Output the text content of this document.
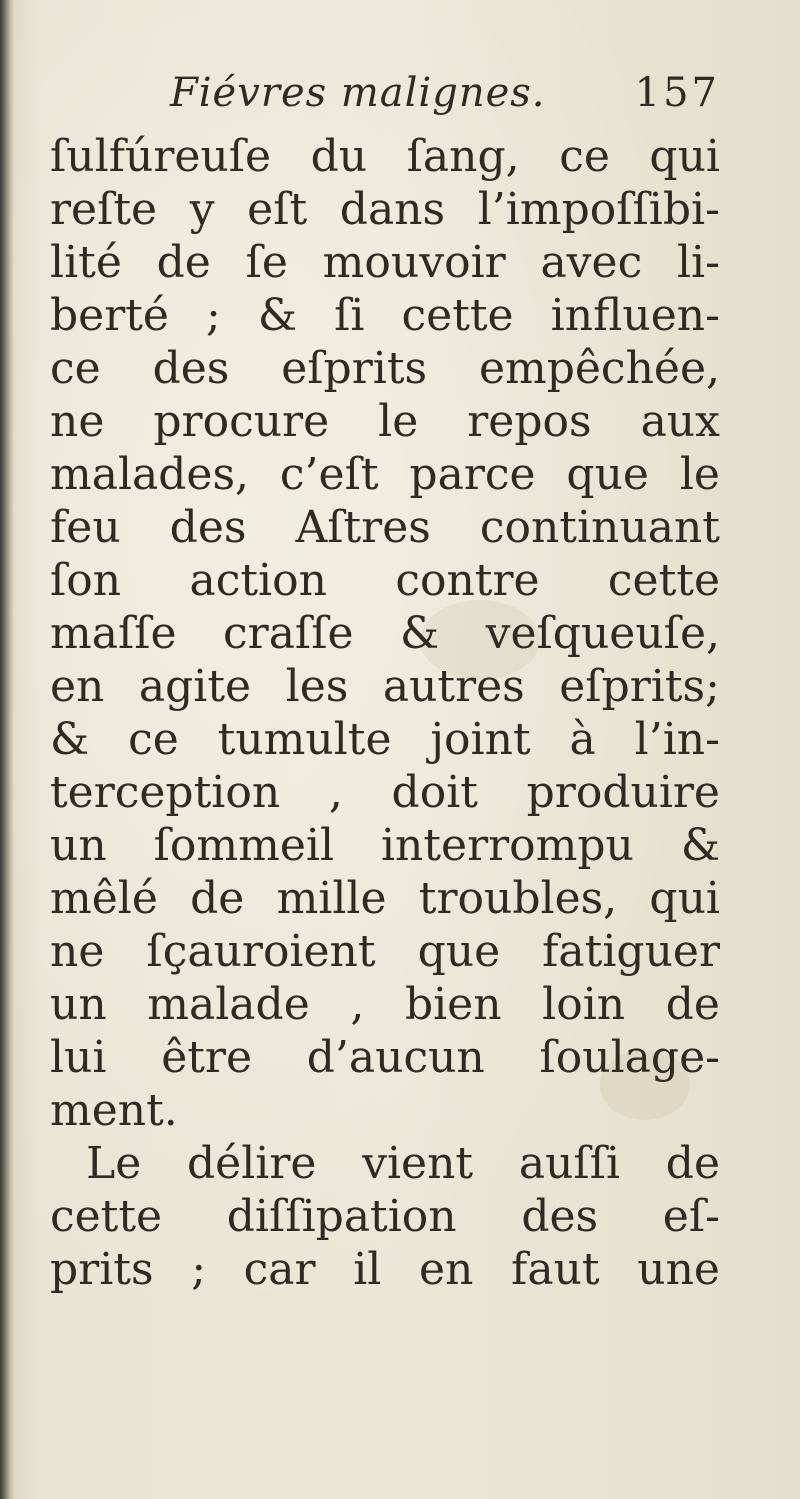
Fiévres malignes. 157
ſulfúreuſe du ſang, ce qui
reſte y eſt dans l’impoſſibi-
lité de ſe mouvoir avec li-
berté ; & ſi cette influen-
ce des eſprits empêchée,
ne procure le repos aux
malades, c’eſt parce que le
feu des Aſtres continuant
ſon action contre cette
maſſe craſſe & veſqueuſe,
en agite les autres eſprits;
& ce tumulte joint à l’in-
terception , doit produire
un ſommeil interrompu &
mêlé de mille troubles, qui
ne ſçauroient que fatiguer
un malade , bien loin de
lui être d’aucun ſoulage-
ment.
Le délire vient auſſi de
cette diſſipation des eſ-
prits ; car il en faut une
